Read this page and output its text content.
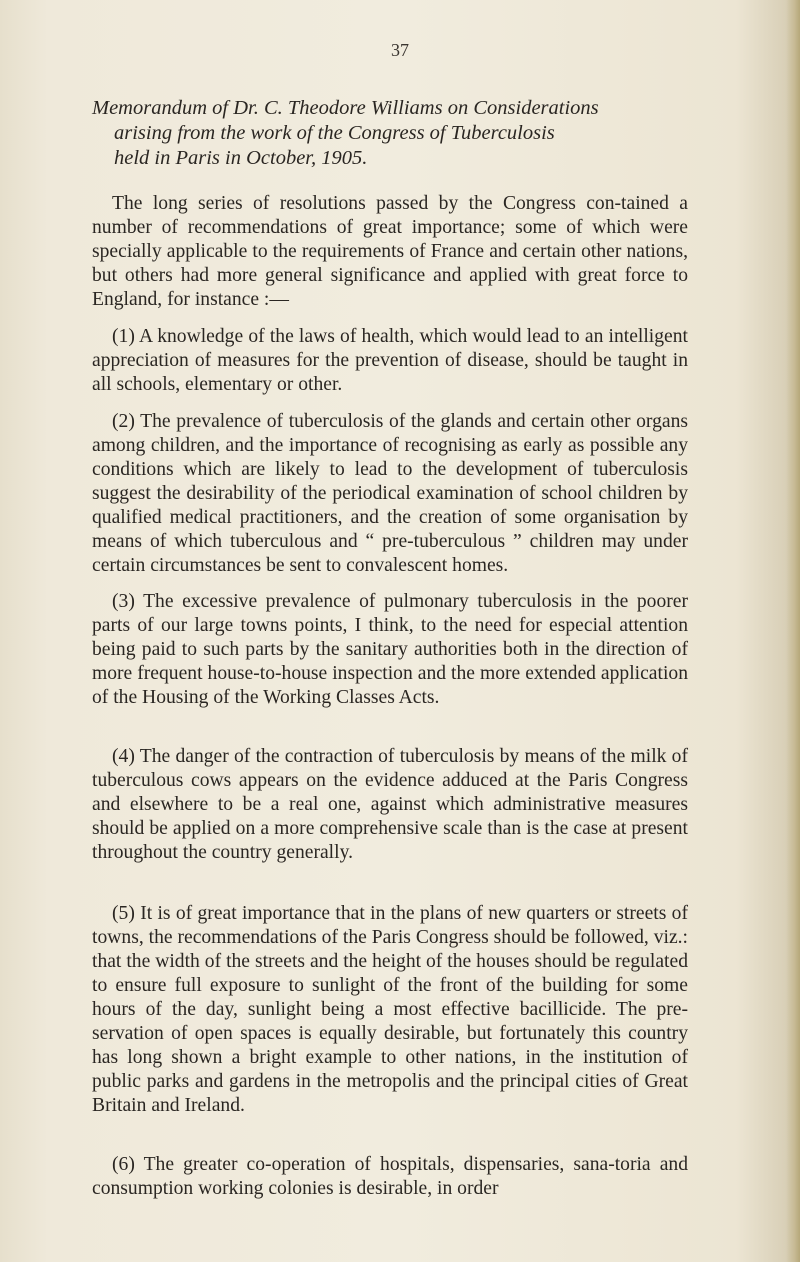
37
Memorandum of Dr. C. Theodore Williams on Considerations
arising from the work of the Congress of Tuberculosis
held in Paris in October, 1905.

The long series of resolutions passed by the Congress con-tained a number of recommendations of great importance; some of which were specially applicable to the requirements of France and certain other nations, but others had more general significance and applied with great force to England, for instance :—

(1) A knowledge of the laws of health, which would lead to an intelligent appreciation of measures for the prevention of disease, should be taught in all schools, elementary or other.

(2) The prevalence of tuberculosis of the glands and certain other organs among children, and the importance of recognising as early as possible any conditions which are likely to lead to the development of tuberculosis suggest the desirability of the periodical examination of school children by qualified medical practitioners, and the creation of some organisation by means of which tuberculous and “ pre-tuberculous ” children may under certain circumstances be sent to convalescent homes.

(3) The excessive prevalence of pulmonary tuberculosis in the poorer parts of our large towns points, I think, to the need for especial attention being paid to such parts by the sanitary authorities both in the direction of more frequent house-to-house inspection and the more extended application of the Housing of the Working Classes Acts.

(4) The danger of the contraction of tuberculosis by means of the milk of tuberculous cows appears on the evidence adduced at the Paris Congress and elsewhere to be a real one, against which administrative measures should be applied on a more comprehensive scale than is the case at present throughout the country generally.

(5) It is of great importance that in the plans of new quarters or streets of towns, the recommendations of the Paris Congress should be followed, viz.: that the width of the streets and the height of the houses should be regulated to ensure full exposure to sunlight of the front of the building for some hours of the day, sunlight being a most effective bacillicide. The pre-servation of open spaces is equally desirable, but fortunately this country has long shown a bright example to other nations, in the institution of public parks and gardens in the metropolis and the principal cities of Great Britain and Ireland.

(6) The greater co-operation of hospitals, dispensaries, sana-toria and consumption working colonies is desirable, in order
